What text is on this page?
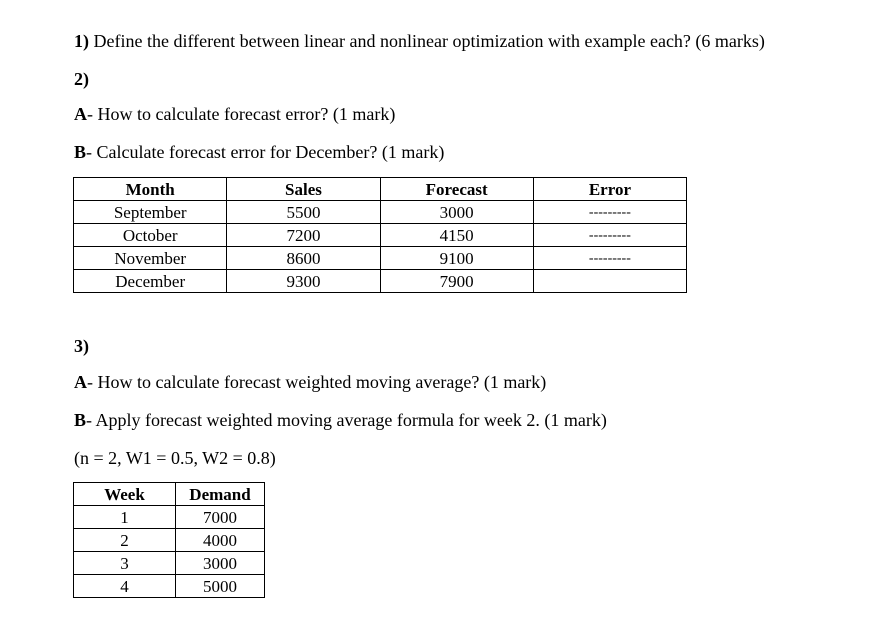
1) Define the different between linear and nonlinear optimization with example each? (6 marks)
2)
A- How to calculate forecast error? (1 mark)
B- Calculate forecast error for December? (1 mark)
Month	Sales	Forecast	Error
September	5500	3000	---------
October	7200	4150	---------
November	8600	9100	---------
December	9300	7900	
3)
A- How to calculate forecast weighted moving average? (1 mark)
B- Apply forecast weighted moving average formula for week 2. (1 mark)
(n = 2, W1 = 0.5, W2 = 0.8)
Week	Demand
1	7000
2	4000
3	3000
4	5000
